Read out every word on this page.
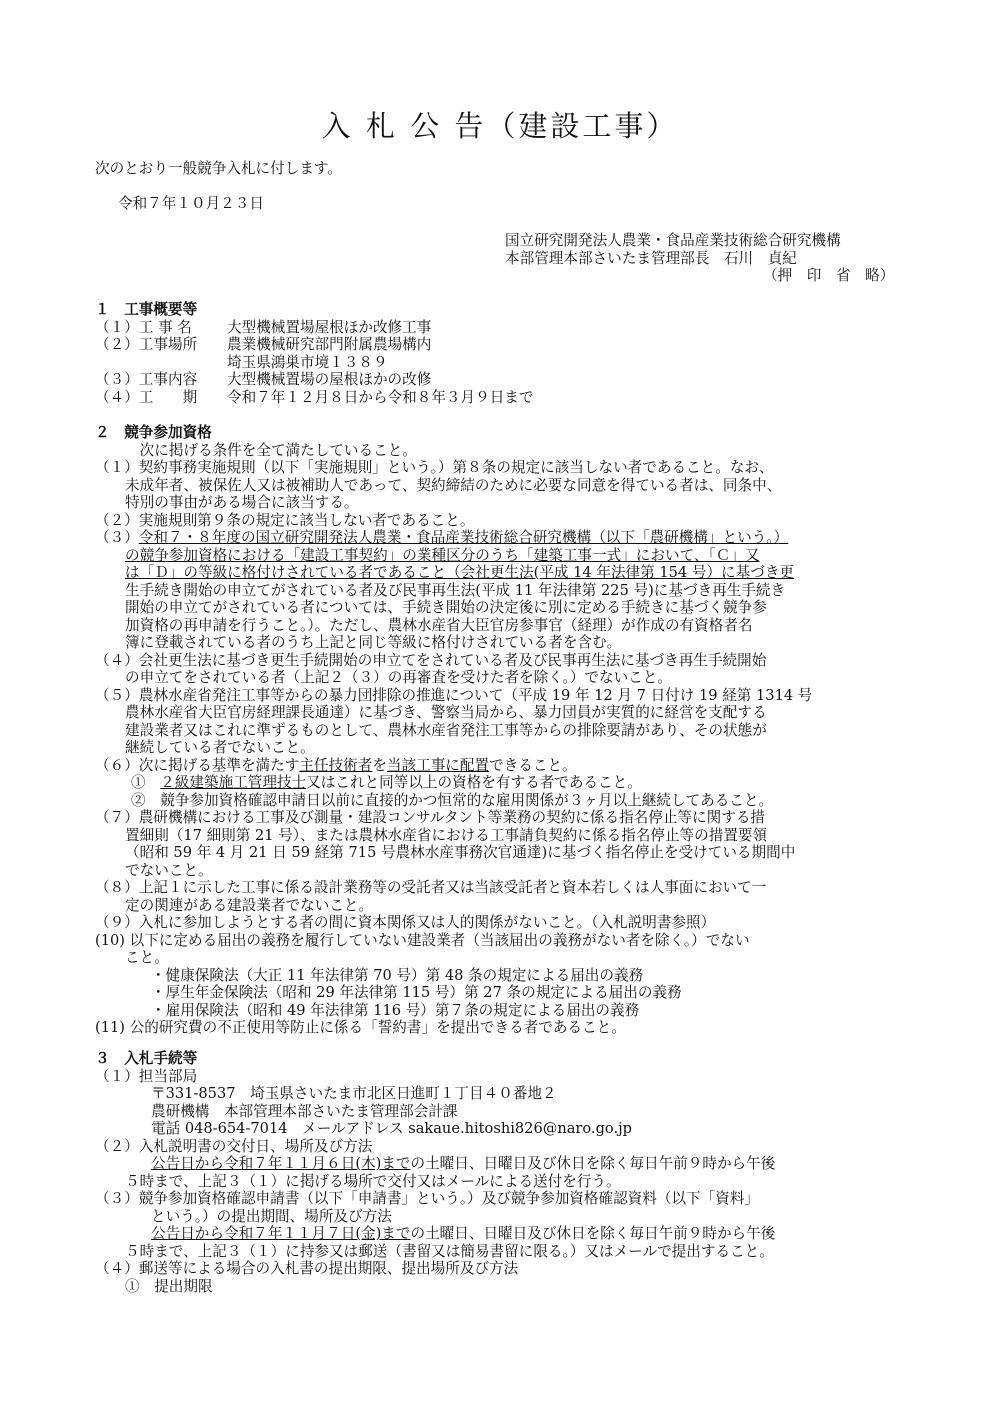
入 札 公 告（建設工事）
次のとおり一般競争入札に付します。
令和７年１０月２３日
国立研究開発法人農業・食品産業技術総合研究機構
本部管理本部さいたま管理部長　石川　貞紀
（押　印　省　略）
１　工事概要等
（１）工 事 名 大型機械置場屋根ほか改修工事
（２）工事場所 農業機械研究部門附属農場構内
埼玉県鴻巣市境１３８９
（３）工事内容 大型機械置場の屋根ほかの改修
（４）工　　期 令和７年１２月８日から令和８年３月９日まで
２　競争参加資格
　次に掲げる条件を全て満たしていること。
（１）契約事務実施規則（以下「実施規則」という。）第８条の規定に該当しない者であること。なお、
未成年者、被保佐人又は被補助人であって、契約締結のために必要な同意を得ている者は、同条中、
特別の事由がある場合に該当する。
（２）実施規則第９条の規定に該当しない者であること。
（３）令和７・８年度の国立研究開発法人農業・食品産業技術総合研究機構（以下「農研機構」という。）
の競争参加資格における「建設工事契約」の業種区分のうち「建築工事一式」において、「Ｃ」又
は「Ｄ」の等級に格付けされている者であること（会社更生法(平成 14 年法律第 154 号）に基づき更
生手続き開始の申立てがされている者及び民事再生法(平成 11 年法律第 225 号)に基づき再生手続き
開始の申立てがされている者については、手続き開始の決定後に別に定める手続きに基づく競争参
加資格の再申請を行うこと。）。ただし、農林水産省大臣官房参事官（経理）が作成の有資格者名
簿に登載されている者のうち上記と同じ等級に格付けされている者を含む。
（４）会社更生法に基づき更生手続開始の申立てをされている者及び民事再生法に基づき再生手続開始
の申立てをされている者（上記２（３）の再審査を受けた者を除く。）でないこと。
（５）農林水産省発注工事等からの暴力団排除の推進について（平成 19 年 12 月 7 日付け 19 経第 1314 号
農林水産省大臣官房経理課長通達）に基づき、警察当局から、暴力団員が実質的に経営を支配する
建設業者又はこれに準ずるものとして、農林水産省発注工事等からの排除要請があり、その状態が
継続している者でないこと。
（６）次に掲げる基準を満たす主任技術者を当該工事に配置できること。
①　２級建築施工管理技士又はこれと同等以上の資格を有する者であること。
②　競争参加資格確認申請日以前に直接的かつ恒常的な雇用関係が３ヶ月以上継続してあること。
（７）農研機構における工事及び測量・建設コンサルタント等業務の契約に係る指名停止等に関する措
置細則（17 細則第 21 号）、または農林水産省における工事請負契約に係る指名停止等の措置要領
（昭和 59 年 4 月 21 日 59 経第 715 号農林水産事務次官通達)に基づく指名停止を受けている期間中
でないこと。
（８）上記１に示した工事に係る設計業務等の受託者又は当該受託者と資本若しくは人事面において一
定の関連がある建設業者でないこと。
（９）入札に参加しようとする者の間に資本関係又は人的関係がないこと。（入札説明書参照）
(10) 以下に定める届出の義務を履行していない建設業者（当該届出の義務がない者を除く。）でない
こと。
・健康保険法（大正 11 年法律第 70 号）第 48 条の規定による届出の義務
・厚生年金保険法（昭和 29 年法律第 115 号）第 27 条の規定による届出の義務
・雇用保険法（昭和 49 年法律第 116 号）第７条の規定による届出の義務
(11) 公的研究費の不正使用等防止に係る「誓約書」を提出できる者であること。
３　入札手続等
（１）担当部局
〒331-8537　埼玉県さいたま市北区日進町１丁目４０番地２
農研機構　本部管理本部さいたま管理部会計課
電話 048-654-7014　メールアドレス sakaue.hitoshi826@naro.go.jp
（２）入札説明書の交付日、場所及び方法
公告日から令和７年１１月６日(木)までの土曜日、日曜日及び休日を除く毎日午前９時から午後
５時まで、上記３（１）に掲げる場所で交付又はメールによる送付を行う。
（３）競争参加資格確認申請書（以下「申請書」という。）及び競争参加資格確認資料（以下「資料」
という。）の提出期間、場所及び方法
公告日から令和７年１１月７日(金)までの土曜日、日曜日及び休日を除く毎日午前９時から午後
５時まで、上記３（１）に持参又は郵送（書留又は簡易書留に限る。）又はメールで提出すること。
（４）郵送等による場合の入札書の提出期限、提出場所及び方法
①　提出期限
